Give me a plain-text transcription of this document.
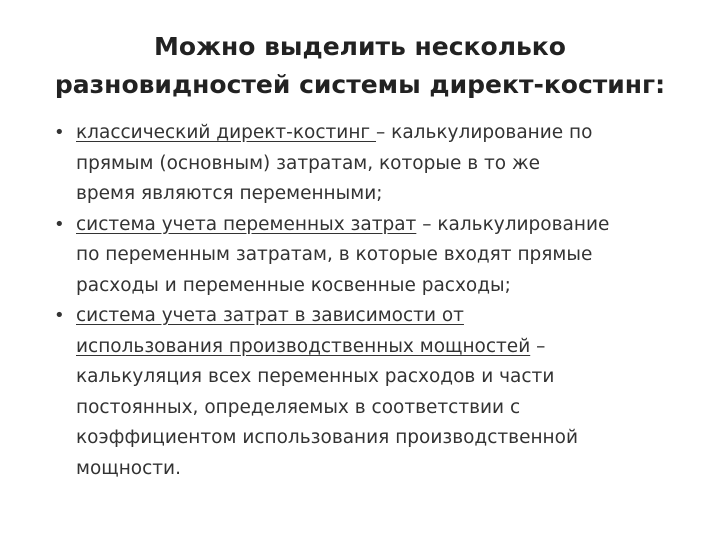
Можно выделить несколько
разновидностей системы директ-костинг:
• классический директ-костинг – калькулирование по
прямым (основным) затратам, которые в то же
время являются переменными;
• система учета переменных затрат – калькулирование
по переменным затратам, в которые входят прямые
расходы и переменные косвенные расходы;
• система учета затрат в зависимости от
использования производственных мощностей –
калькуляция всех переменных расходов и части
постоянных, определяемых в соответствии с
коэффициентом использования производственной
мощности.
